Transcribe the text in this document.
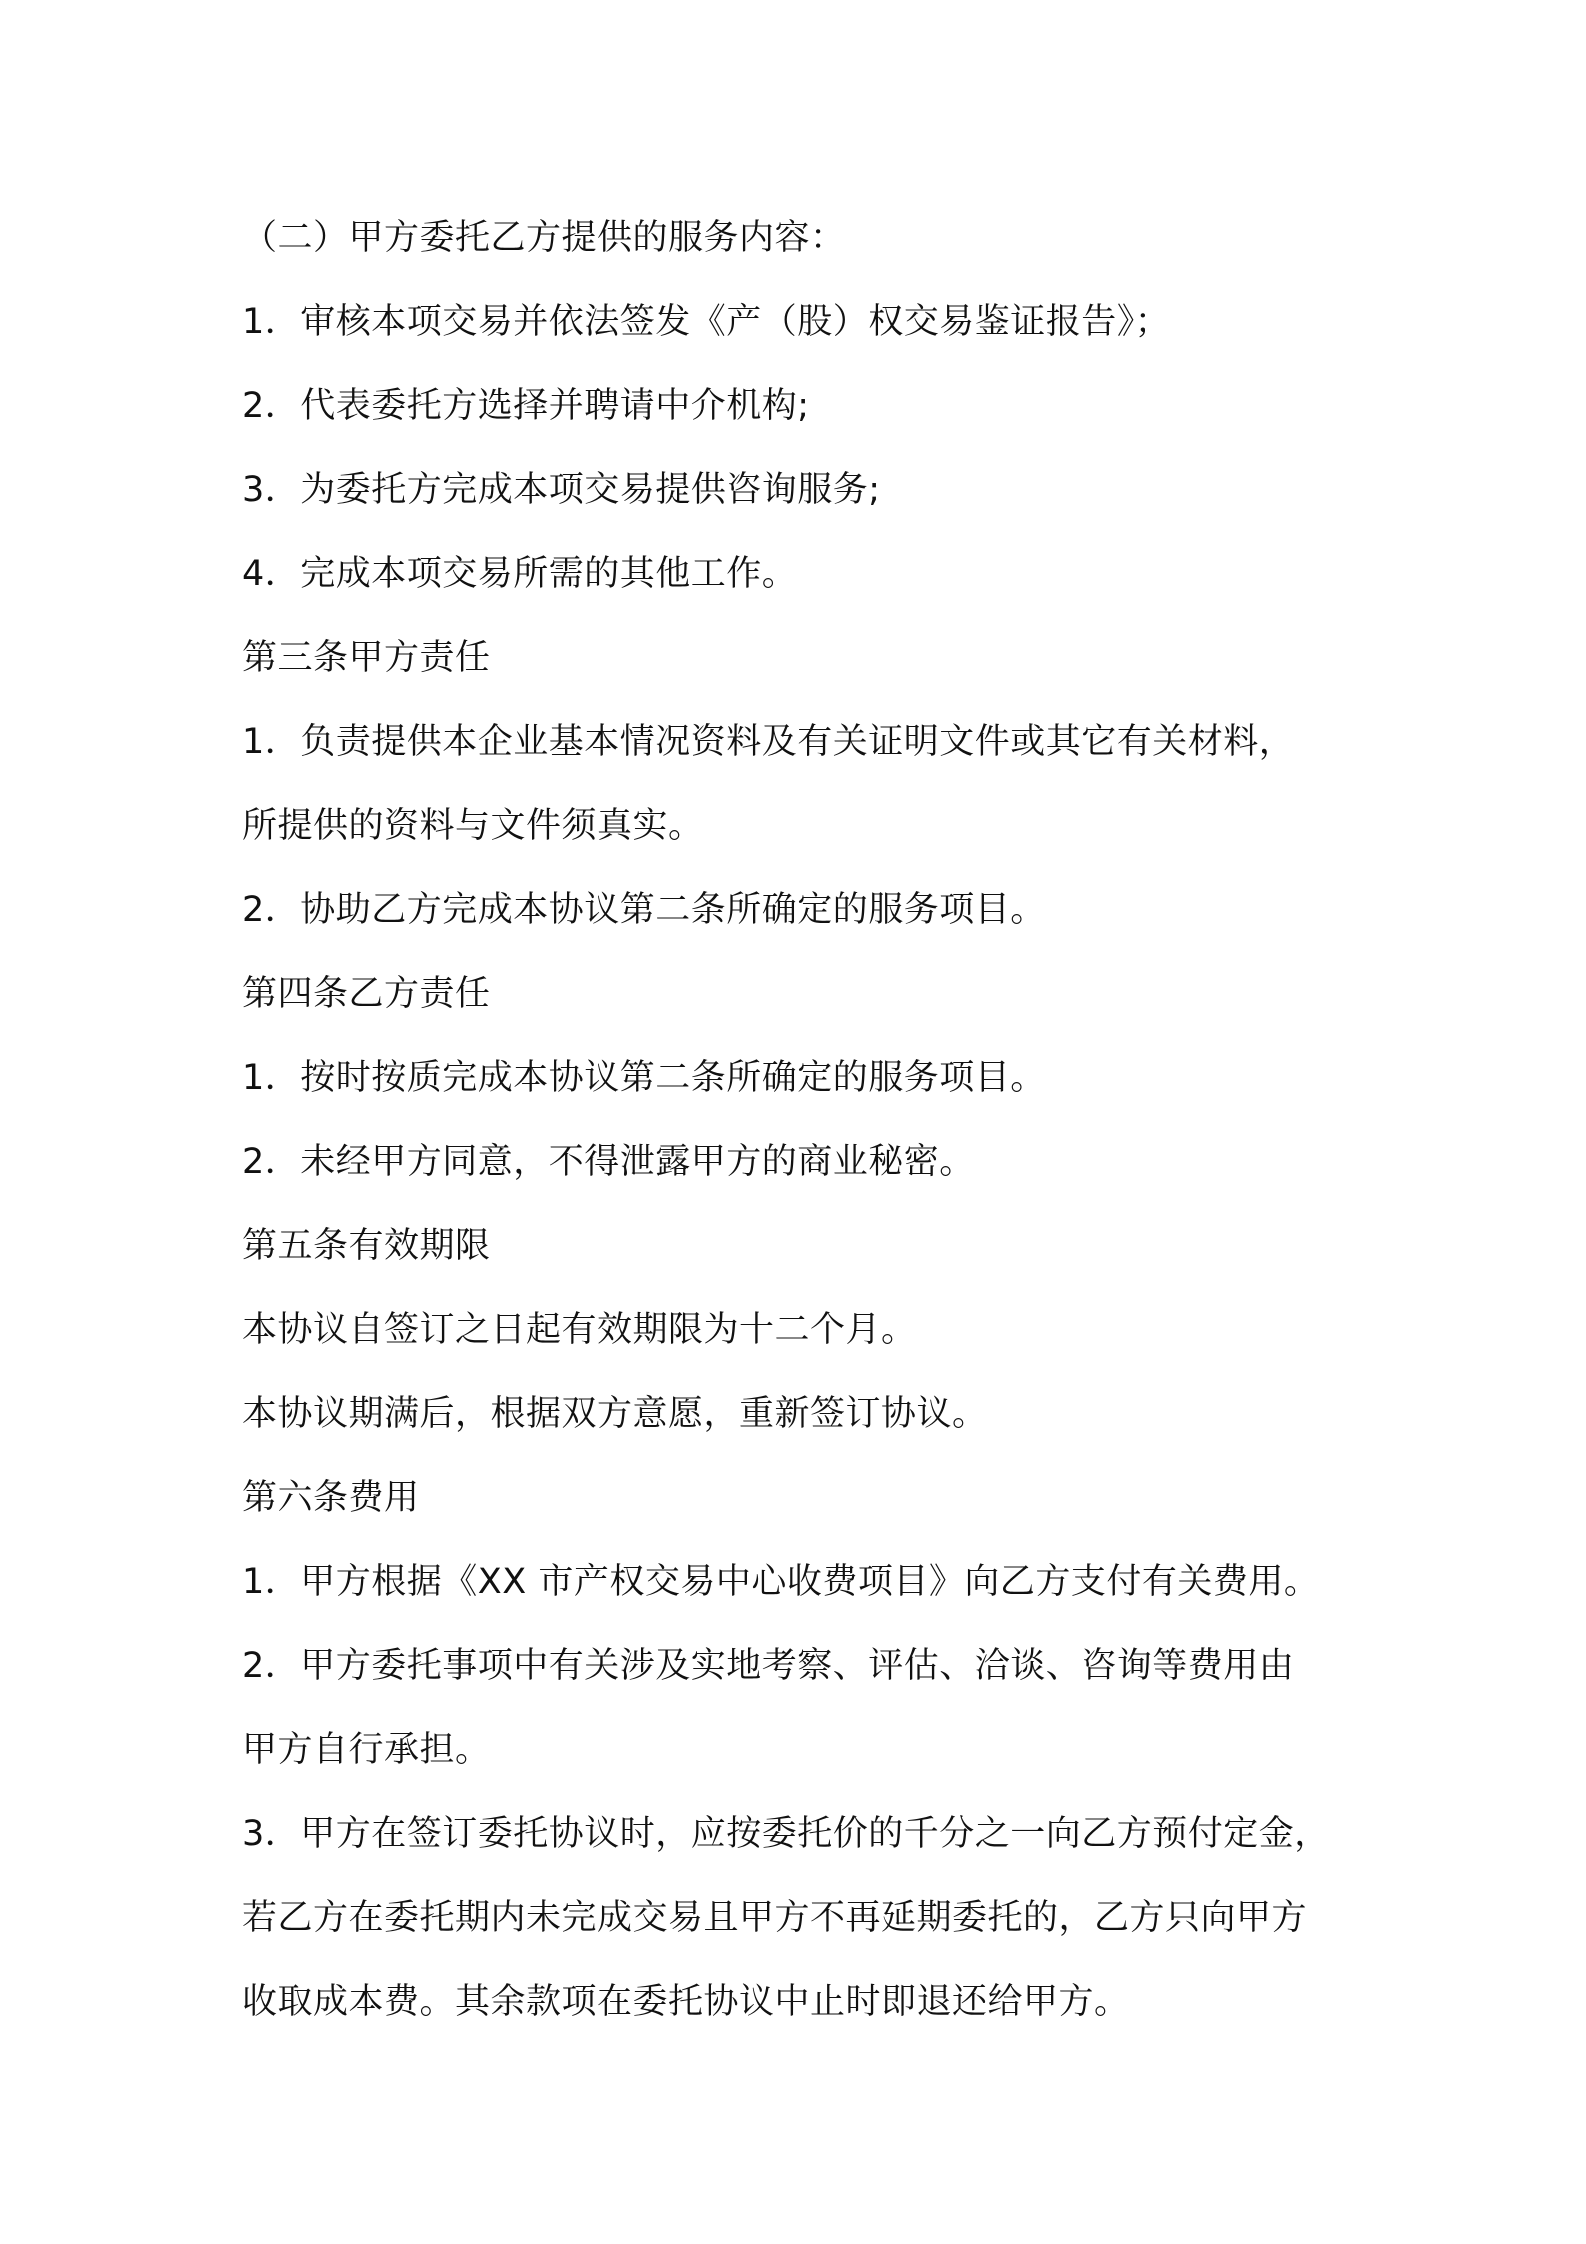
（二）甲方委托乙方提供的服务内容：
1．审核本项交易并依法签发《产（股）权交易鉴证报告》；
2．代表委托方选择并聘请中介机构;
3．为委托方完成本项交易提供咨询服务;
4．完成本项交易所需的其他工作。
第三条甲方责任
1．负责提供本企业基本情况资料及有关证明文件或其它有关材料，
所提供的资料与文件须真实。
2．协助乙方完成本协议第二条所确定的服务项目。
第四条乙方责任
1．按时按质完成本协议第二条所确定的服务项目。
2．未经甲方同意，不得泄露甲方的商业秘密。
第五条有效期限
本协议自签订之日起有效期限为十二个月。
本协议期满后，根据双方意愿，重新签订协议。
第六条费用
1．甲方根据《XX 市产权交易中心收费项目》向乙方支付有关费用。
2．甲方委托事项中有关涉及实地考察、评估、洽谈、咨询等费用由
甲方自行承担。
3．甲方在签订委托协议时，应按委托价的千分之一向乙方预付定金，
若乙方在委托期内未完成交易且甲方不再延期委托的，乙方只向甲方
收取成本费。其余款项在委托协议中止时即退还给甲方。
